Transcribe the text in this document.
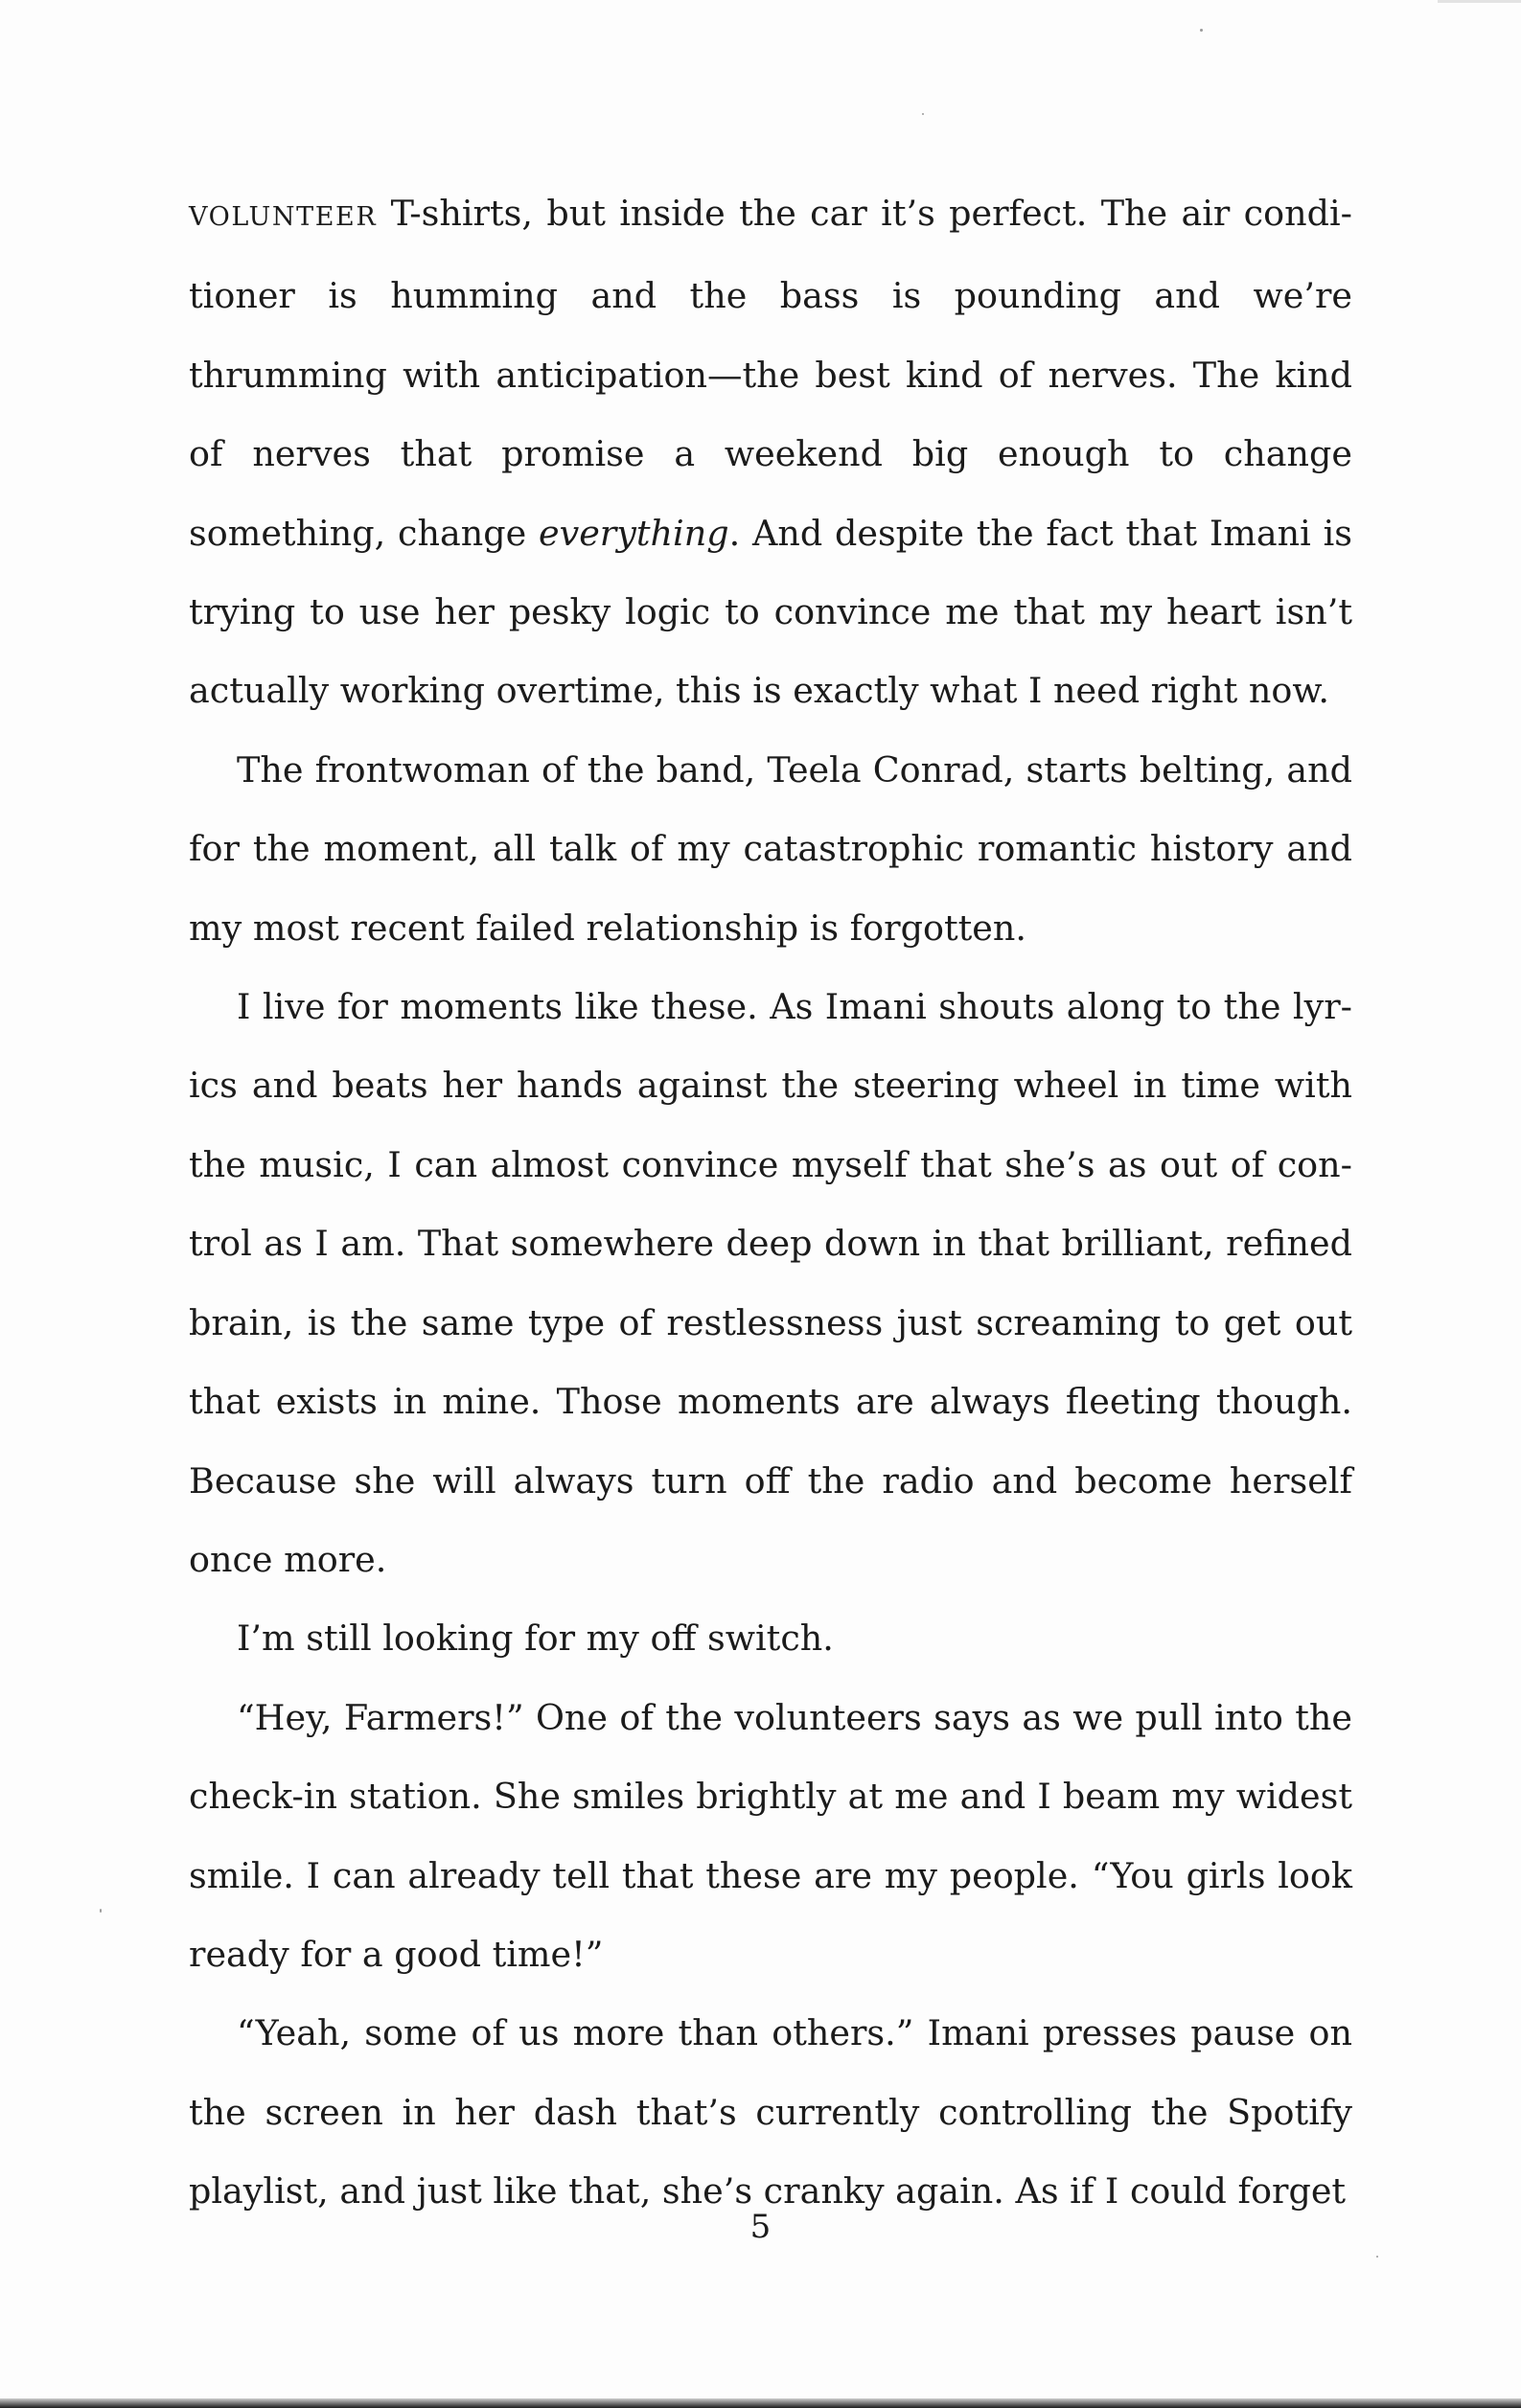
VOLUNTEER T-shirts, but inside the car it’s perfect. The air conditioner is humming and the bass is pounding and we’re thrumming with anticipation—the best kind of nerves. The kind of nerves that promise a weekend big enough to change something, change everything. And despite the fact that Imani is trying to use her pesky logic to convince me that my heart isn’t actually working overtime, this is exactly what I need right now.

The frontwoman of the band, Teela Conrad, starts belting, and for the moment, all talk of my catastrophic romantic history and my most recent failed relationship is forgotten.

I live for moments like these. As Imani shouts along to the lyrics and beats her hands against the steering wheel in time with the music, I can almost convince myself that she’s as out of control as I am. That somewhere deep down in that brilliant, refined brain, is the same type of restlessness just screaming to get out that exists in mine. Those moments are always fleeting though. Because she will always turn off the radio and become herself once more.

I’m still looking for my off switch.

“Hey, Farmers!” One of the volunteers says as we pull into the check-in station. She smiles brightly at me and I beam my widest smile. I can already tell that these are my people. “You girls look ready for a good time!”

“Yeah, some of us more than others.” Imani presses pause on the screen in her dash that’s currently controlling the Spotify playlist, and just like that, she’s cranky again. As if I could forget

5
